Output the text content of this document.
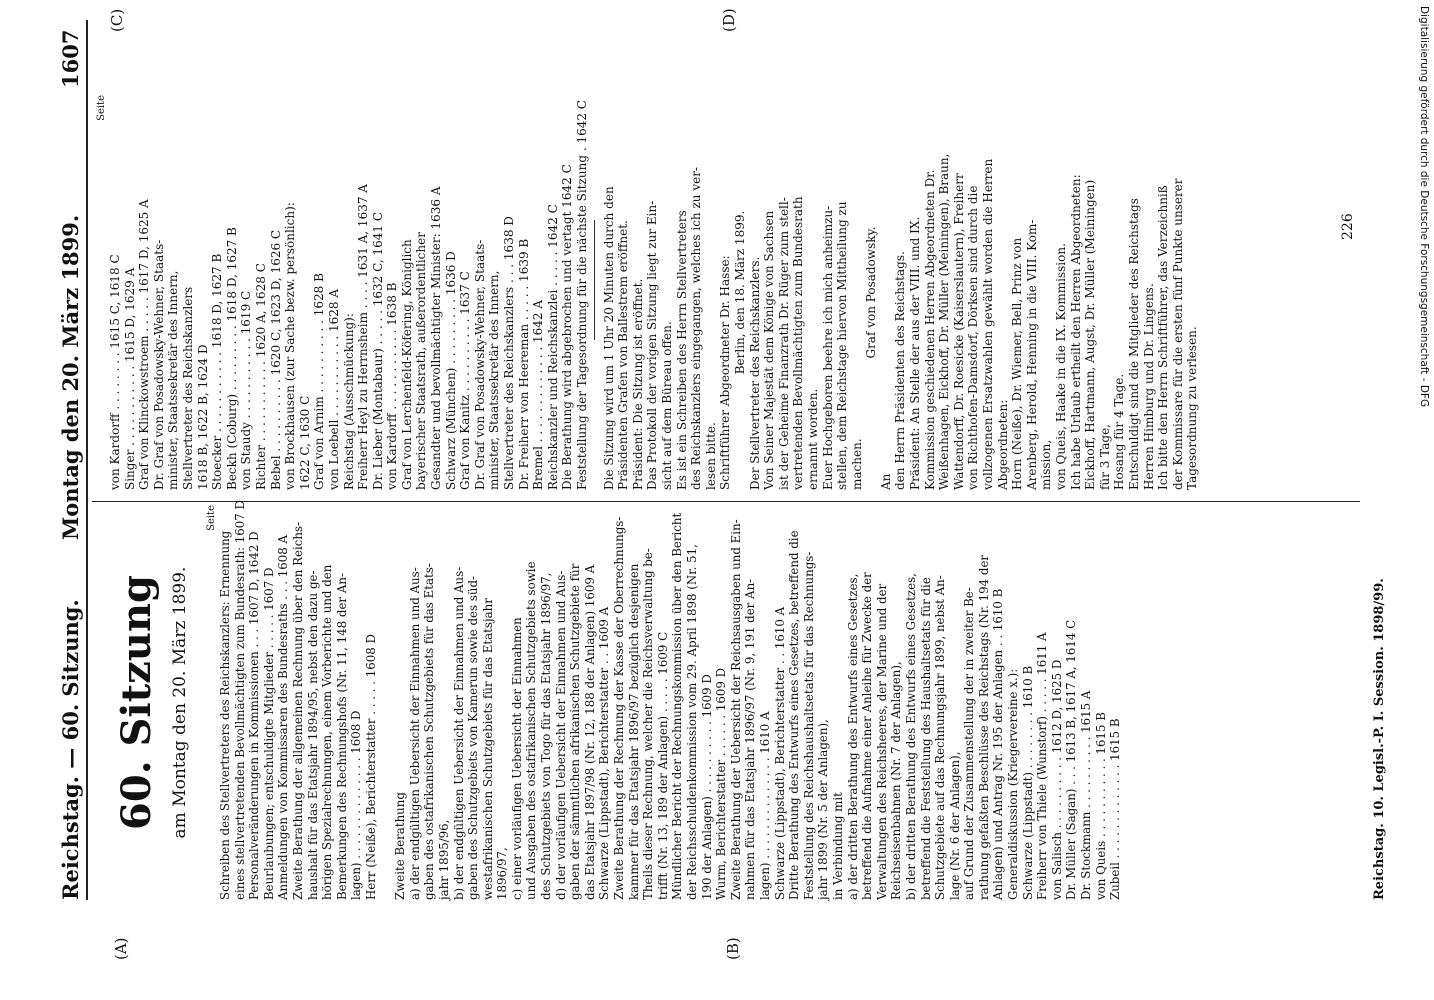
Reichstag. — 60. Sitzung.
Montag den 20. März 1899.
1607
(A)	(B)
(C)	(D)
60. Sitzung am Montag den 20. März 1899.
Seite
Schreiben des Stellvertreters des Reichskanzlers: Ernennung eines stellvertretenden Bevollmächtigten zum Bundesrath: 1607 D Personalveränderungen in Kommissionen . . . 1607 D, 1642 D Beurlaubungen; entschuldigte Mitglieder . . . . . 1607 D Anmeldungen von Kommissaren des Bundesraths . . . 1608 A Zweite Berathung der allgemeinen Rechnung über den Reichs- haushalt für das Etatsjahr 1894/95, nebst den dazu ge- hörigen Spezialrechnungen, einem Vorberichte und den Bemerkungen des Rechnungshofs (Nr. 11, 148 der An- lagen) . . . . . . . . . . . . . . 1608 D Herr (Neiße), Berichterstatter . . . . . 1608 D Zweite Berathung a) der endgültigen Uebersicht der Einnahmen und Aus- gaben des ostafrikanischen Schutzgebiets für das Etats- jahr 1895/96, b) der endgültigen Uebersicht der Einnahmen und Aus- gaben des Schutzgebiets von Kamerun sowie des süd- westafrikanischen Schutzgebiets für das Etatsjahr 1896/97, c) einer vorläufigen Uebersicht der Einnahmen und Ausgaben des ostafrikanischen Schutzgebiets sowie des Schutzgebiets von Togo für das Etatsjahr 1896/97, d) der vorläufigen Uebersicht der Einnahmen und Aus- gaben der sämmtlichen afrikanischen Schutzgebiete für das Etatsjahr 1897/98 (Nr. 12, 188 der Anlagen) 1609 A Schwarze (Lippstadt), Berichterstatter . . 1609 A Zweite Berathung der Rechnung der Kasse der Oberrechnungs- kammer für das Etatsjahr 1896/97 bezüglich desjenigen Theils dieser Rechnung, welcher die Reichsverwaltung be- trifft (Nr. 13, 189 der Anlagen) . . . . . 1609 C Mündlicher Bericht der Rechnungskommission über den Bericht der Reichsschuldenkommission vom 29. April 1898 (Nr. 51, 190 der Anlagen) . . . . . . . . . . 1609 D Wurm, Berichterstatter . . . . . . 1609 D Zweite Berathung der Uebersicht der Reichsausgaben und Ein- nahmen für das Etatsjahr 1896/97 (Nr. 9, 191 der An- lagen) . . . . . . . . . . . . . . 1610 A Schwarze (Lippstadt), Berichterstatter . . 1610 A Dritte Berathung des Entwurfs eines Gesetzes, betreffend die Feststellung des Reichshaushaltsetats für das Rechnungs- jahr 1899 (Nr. 5 der Anlagen), in Verbindung mit a) der dritten Berathung des Entwurfs eines Gesetzes, betreffend die Aufnahme einer Anleihe für Zwecke der Verwaltungen des Reichsheeres, der Marine und der Reichseisenbahnen (Nr. 7 der Anlagen), b) der dritten Berathung des Entwurfs eines Gesetzes, betreffend die Feststellung des Haushaltsetats für die Schutzgebiete auf das Rechnungsjahr 1899, nebst An- lage (Nr. 6 der Anlagen), auf Grund der Zusammenstellung der in zweiter Be- rathung gefaßten Beschlüsse des Reichstags (Nr. 194 der Anlagen) und Antrag Nr. 195 der Anlagen . . 1610 B Generaldiskussion (Kriegervereine x.): Schwarze (Lippstadt) . . . . . . . . 1610 B Freiherr von Thiele (Wunstorf) . . . . . 1611 A von Salisch . . . . . . . . . . 1612 D, 1625 D Dr. Müller (Sagan) . . . 1613 B, 1617 A, 1614 C Dr. Stockmann . . . . . . . . . . 1615 A von Queis . . . . . . . . . . . 1615 B Zubeil . . . . . . . . . . . . . 1615 B
Seite
von Kardorff . . . . . . . . 1615 C, 1618 C Singer . . . . . . . . . . . 1615 D, 1629 A Graf von Klinckowstroem . . . . . 1617 D, 1625 A Dr. Graf von Posadowsky-Wehner, Staats- minister, Staatssekretär des Innern, Stellvertreter des Reichskanzlers 1618 B, 1622 B, 1624 D Stoecker . . . . . . . . . . . 1618 D, 1627 B Beckh (Coburg) . . . . . . . . . 1618 D, 1627 B von Staudy . . . . . . . . . . . 1619 C Richter . . . . . . . . . . . 1620 A, 1628 C Bebel . . . . . . . . . . 1620 C, 1623 D, 1626 C von Brockhausen (zur Sache bezw. persönlich): 1622 C, 1630 C Graf von Arnim . . . . . . . . . . 1628 B von Loebell . . . . . . . . . . . 1628 A Reichstag (Ausschmückung): Freiherr Heyl zu Herrnsheim . . . . 1631 A, 1637 A Dr. Lieber (Montabaur) . . . . . 1632 C, 1641 C von Kardorff . . . . . . . . . . . 1638 B Graf von Lerchenfeld-Köfering, Königlich bayerischer Staatsrath, außerordentlicher Gesandter und bevollmächtigter Minister: 1636 A Schwarz (München) . . . . . . . . . 1636 D Graf von Kanitz . . . . . . . . . . 1637 C Dr. Graf von Posadowsky-Wehner, Staats- minister, Staatssekretär des Innern, Stellvertreter des Reichskanzlers . . . 1638 D Dr. Freiherr von Heereman . . . . . 1639 B Bremel . . . . . . . . . . . . . 1642 A Reichskanzler und Reichskanzlei . . . . . 1642 C Die Berathung wird abgebrochen und vertagt 1642 C Feststellung der Tagesordnung für die nächste Sitzung . 1642 C Die Sitzung wird um 1 Uhr 20 Minuten durch den Präsidenten Grafen von Ballestrem eröffnet. Präsident: Die Sitzung ist eröffnet. Das Protokoll der vorigen Sitzung liegt zur Ein- sicht auf dem Büreau offen. Es ist ein Schreiben des Herrn Stellvertreters des Reichskanzlers eingegangen, welches ich zu ver- lesen bitte. Schriftführer Abgeordneter Dr. Hasse: Berlin, den 18. März 1899. Der Stellvertreter des Reichskanzlers. Von Seiner Majestät dem Könige von Sachsen ist der Geheime Finanzrath Dr. Rüger zum stell- vertretenden Bevollmächtigten zum Bundesrath ernannt worden. Euer Hochgeboren beehre ich mich anheimzu- stellen, dem Reichstage hiervon Mittheilung zu machen.
Graf von Posadowsky.
An den Herrn Präsidenten des Reichstags. Präsident: An Stelle der aus der VIII. und IX. Kommission geschiedenen Herren Abgeordneten Dr. Weißenhagen, Eickhoff, Dr. Müller (Meiningen), Braun, Wattendorff, Dr. Roesicke (Kaiserslautern), Freiherr von Richthofen-Damsdorf, Dörksen sind durch die vollzogenen Ersatzwahlen gewählt worden die Herren Abgeordneten: Horn (Neiße), Dr. Wiemer, Bell, Prinz von Arenberg, Herold, Henning in die VIII. Kom- mission, von Queis, Haake in die IX. Kommission. Ich habe Urlaub ertheilt den Herren Abgeordneten: Eickhoff, Hartmann, Augst, Dr. Müller (Meiningen) für 3 Tage, Hosang für 4 Tage. Entschuldigt sind die Mitglieder des Reichstags Herren Himburg und Dr. Lingens. Ich bitte den Herrn Schriftführer, das Verzeichniß der Kommissare für die ersten fünf Punkte unserer Tagesordnung zu verlesen.
Reichstag. 10. Legisl.-P. I. Session. 1898/99.
226	Digitalisierung gefördert durch die Deutsche Forschungsgemeinschaft - DFG
